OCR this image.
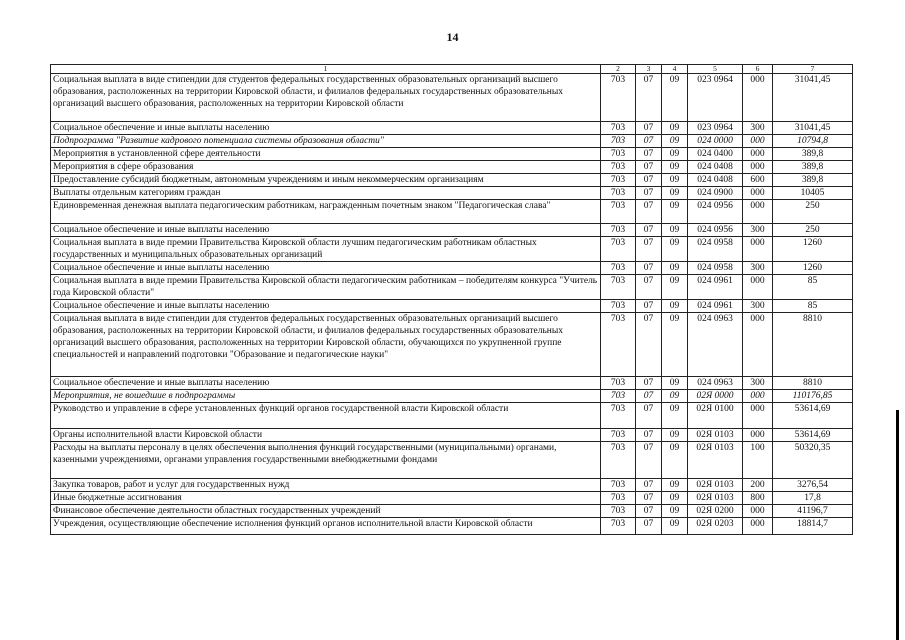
14
1	2	3	4	5	6	7
Социальная выплата в виде стипендии для студентов федеральных государственных образовательных организаций высшего образования, расположенных на территории Кировской области, и филиалов федеральных государственных образовательных организаций высшего образования, расположенных на территории Кировской области	703	07	09	023 0964	000	31041,45
Социальное обеспечение и иные выплаты населению	703	07	09	023 0964	300	31041,45
Подпрограмма "Развитие кадрового потенциала системы образования области"	703	07	09	024 0000	000	10794,8
Мероприятия в установленной сфере деятельности	703	07	09	024 0400	000	389,8
Мероприятия в сфере образования	703	07	09	024 0408	000	389,8
Предоставление субсидий бюджетным, автономным учреждениям и иным некоммерческим организациям	703	07	09	024 0408	600	389,8
Выплаты отдельным категориям граждан	703	07	09	024 0900	000	10405
Единовременная денежная выплата педагогическим работникам, награжденным почетным знаком "Педагогическая слава"	703	07	09	024 0956	000	250
Социальное обеспечение и иные выплаты населению	703	07	09	024 0956	300	250
Социальная выплата в виде премии Правительства Кировской области лучшим педагогическим работникам областных государственных и муниципальных образовательных организаций	703	07	09	024 0958	000	1260
Социальное обеспечение и иные выплаты населению	703	07	09	024 0958	300	1260
Социальная выплата в виде премии Правительства Кировской области педагогическим работникам – победителям конкурса "Учитель года Кировской области"	703	07	09	024 0961	000	85
Социальное обеспечение и иные выплаты населению	703	07	09	024 0961	300	85
Социальная выплата в виде стипендии для студентов федеральных государственных образовательных организаций высшего образования, расположенных на территории Кировской области, и филиалов федеральных государственных образовательных организаций высшего образования, расположенных на территории Кировской области, обучающихся по укрупненной группе специальностей и направлений подготовки "Образование и педагогические науки"	703	07	09	024 0963	000	8810
Социальное обеспечение и иные выплаты населению	703	07	09	024 0963	300	8810
Мероприятия, не вошедшие в подпрограммы	703	07	09	02Я 0000	000	110176,85
Руководство и управление в сфере установленных функций органов государственной власти Кировской области	703	07	09	02Я 0100	000	53614,69
Органы исполнительной власти Кировской области	703	07	09	02Я 0103	000	53614,69
Расходы на выплаты персоналу в целях обеспечения выполнения функций государственными (муниципальными) органами, казенными учреждениями, органами управления государственными внебюджетными фондами	703	07	09	02Я 0103	100	50320,35
Закупка товаров, работ и услуг для государственных нужд	703	07	09	02Я 0103	200	3276,54
Иные бюджетные ассигнования	703	07	09	02Я 0103	800	17,8
Финансовое обеспечение деятельности областных государственных учреждений	703	07	09	02Я 0200	000	41196,7
Учреждения, осуществляющие обеспечение исполнения функций органов исполнительной власти Кировской области	703	07	09	02Я 0203	000	18814,7
